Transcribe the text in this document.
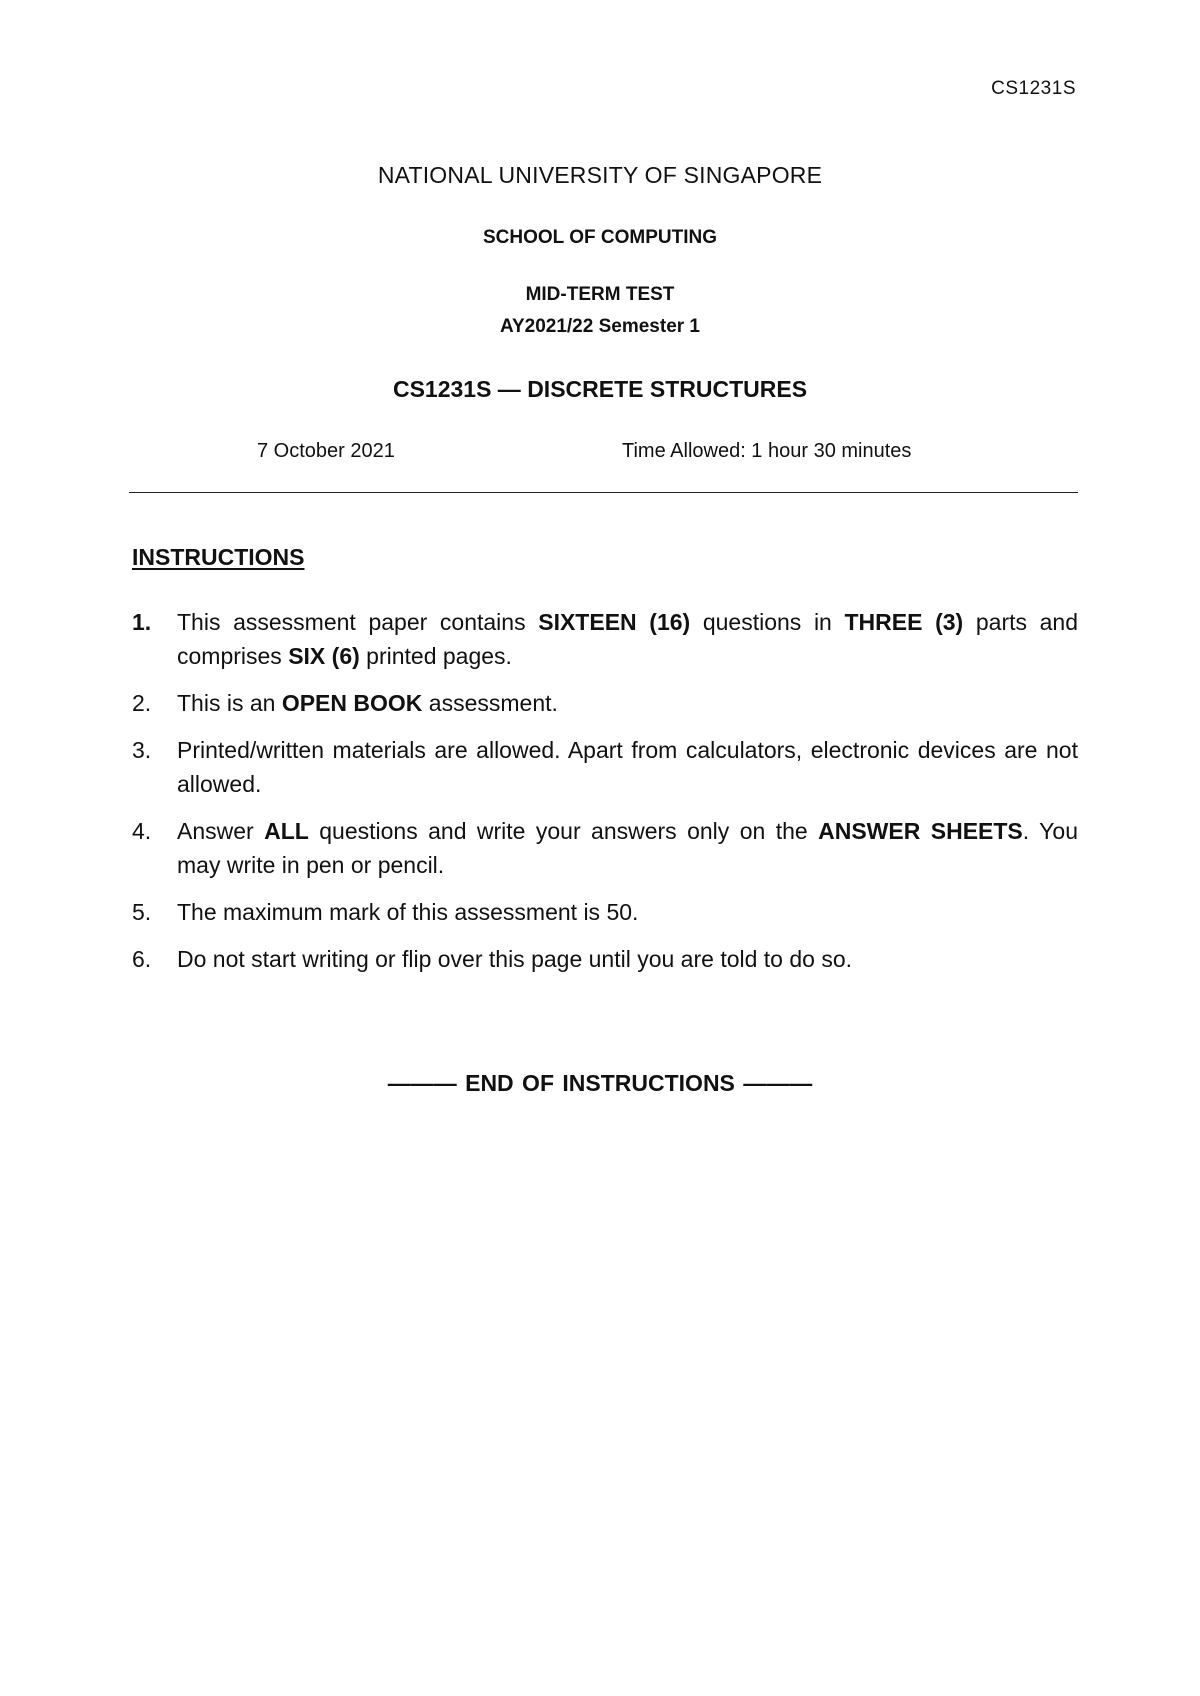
CS1231S
NATIONAL UNIVERSITY OF SINGAPORE
SCHOOL OF COMPUTING
MID-TERM TEST
AY2021/22 Semester 1
CS1231S — DISCRETE STRUCTURES
7 October 2021	Time Allowed: 1 hour 30 minutes
INSTRUCTIONS
1. This assessment paper contains SIXTEEN (16) questions in THREE (3) parts and comprises SIX (6) printed pages.
2. This is an OPEN BOOK assessment.
3. Printed/written materials are allowed. Apart from calculators, electronic devices are not allowed.
4. Answer ALL questions and write your answers only on the ANSWER SHEETS. You may write in pen or pencil.
5. The maximum mark of this assessment is 50.
6. Do not start writing or flip over this page until you are told to do so.
——— END OF INSTRUCTIONS ———
